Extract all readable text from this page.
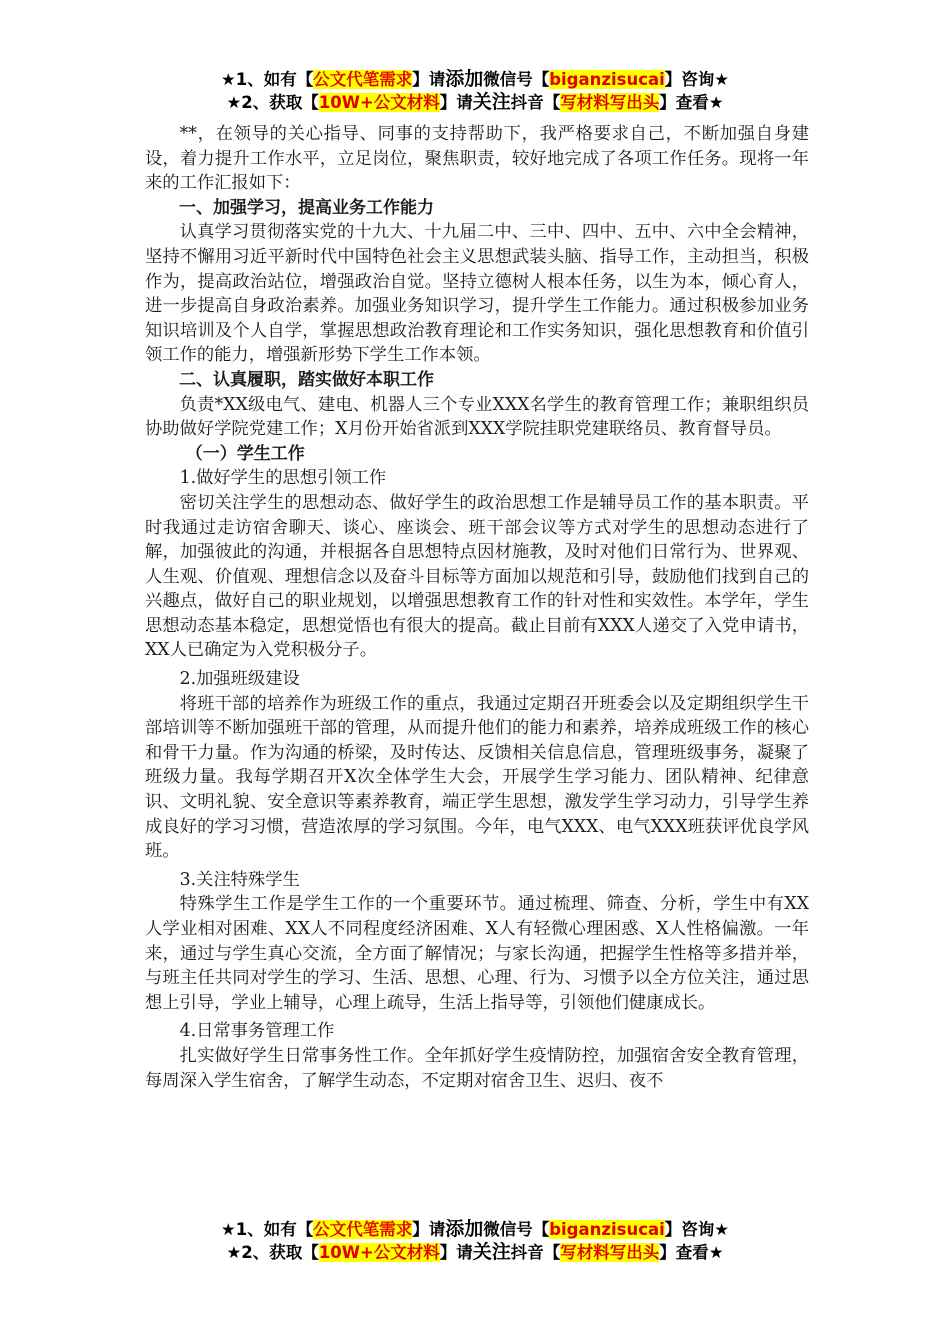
★1、如有【公文代笔需求】请添加微信号【biganzisucai】咨询★
★2、获取【10W+公文材料】请关注抖音【写材料写出头】查看★

**，在领导的关心指导、同事的支持帮助下，我严格要求自己，不断加强自身建设，着力提升工作水平，立足岗位，聚焦职责，较好地完成了各项工作任务。现将一年来的工作汇报如下：

一、加强学习，提高业务工作能力

认真学习贯彻落实党的十九大、十九届二中、三中、四中、五中、六中全会精神，坚持不懈用习近平新时代中国特色社会主义思想武装头脑、指导工作，主动担当，积极作为，提高政治站位，增强政治自觉。坚持立德树人根本任务，以生为本，倾心育人，进一步提高自身政治素养。加强业务知识学习，提升学生工作能力。通过积极参加业务知识培训及个人自学，掌握思想政治教育理论和工作实务知识，强化思想教育和价值引领工作的能力，增强新形势下学生工作本领。

二、认真履职，踏实做好本职工作

负责*XX级电气、建电、机器人三个专业XXX名学生的教育管理工作；兼职组织员协助做好学院党建工作；X月份开始省派到XXX学院挂职党建联络员、教育督导员。

（一）学生工作

1.做好学生的思想引领工作

密切关注学生的思想动态、做好学生的政治思想工作是辅导员工作的基本职责。平时我通过走访宿舍聊天、谈心、座谈会、班干部会议等方式对学生的思想动态进行了解，加强彼此的沟通，并根据各自思想特点因材施教，及时对他们日常行为、世界观、人生观、价值观、理想信念以及奋斗目标等方面加以规范和引导，鼓励他们找到自己的兴趣点，做好自己的职业规划，以增强思想教育工作的针对性和实效性。本学年，学生思想动态基本稳定，思想觉悟也有很大的提高。截止目前有XXX人递交了入党申请书，XX人已确定为入党积极分子。

2.加强班级建设

将班干部的培养作为班级工作的重点，我通过定期召开班委会以及定期组织学生干部培训等不断加强班干部的管理，从而提升他们的能力和素养，培养成班级工作的核心和骨干力量。作为沟通的桥梁，及时传达、反馈相关信息信息，管理班级事务，凝聚了班级力量。我每学期召开X次全体学生大会，开展学生学习能力、团队精神、纪律意识、文明礼貌、安全意识等素养教育，端正学生思想，激发学生学习动力，引导学生养成良好的学习习惯，营造浓厚的学习氛围。今年，电气XXX、电气XXX班获评优良学风班。

3.关注特殊学生

特殊学生工作是学生工作的一个重要环节。通过梳理、筛查、分析，学生中有XX人学业相对困难、XX人不同程度经济困难、X人有轻微心理困惑、X人性格偏激。一年来，通过与学生真心交流，全方面了解情况；与家长沟通，把握学生性格等多措并举，与班主任共同对学生的学习、生活、思想、心理、行为、习惯予以全方位关注，通过思想上引导，学业上辅导，心理上疏导，生活上指导等，引领他们健康成长。

4.日常事务管理工作

扎实做好学生日常事务性工作。全年抓好学生疫情防控，加强宿舍安全教育管理，每周深入学生宿舍，了解学生动态，不定期对宿舍卫生、迟归、夜不

★1、如有【公文代笔需求】请添加微信号【biganzisucai】咨询★
★2、获取【10W+公文材料】请关注抖音【写材料写出头】查看★
